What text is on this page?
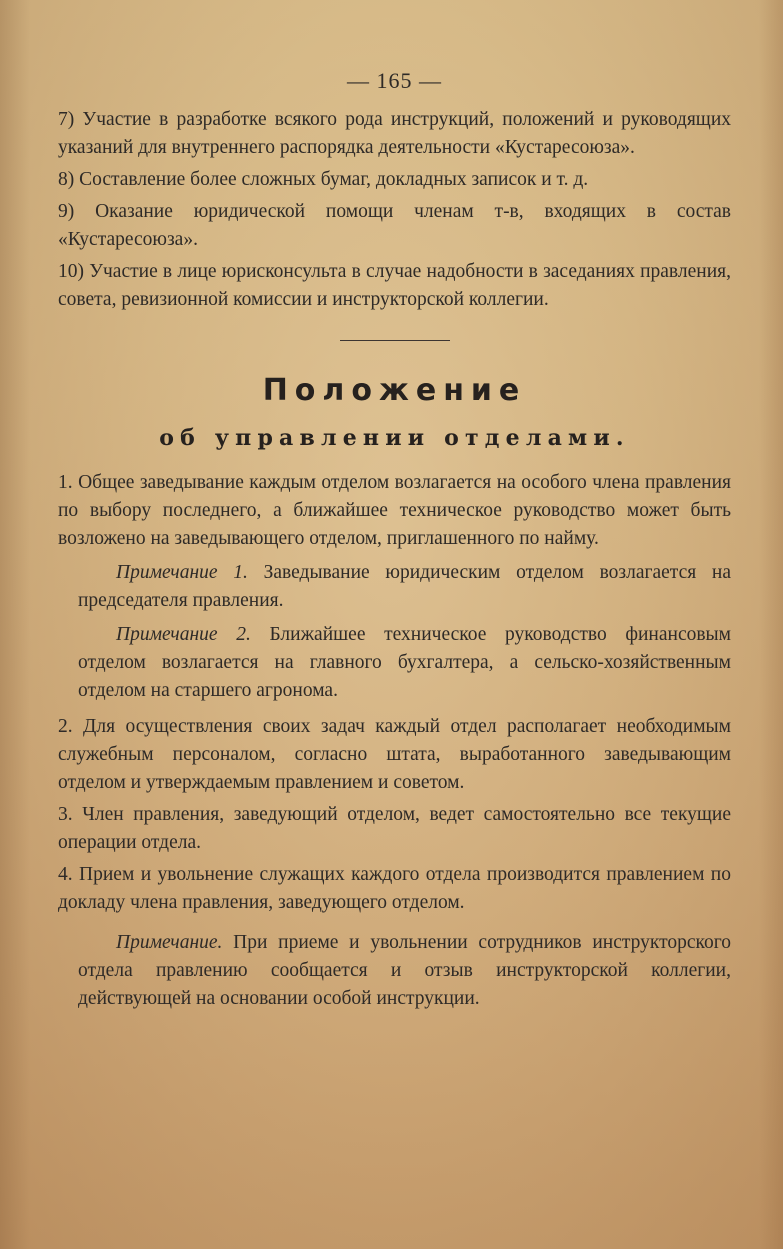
— 165 —

7) Участие в разработке всякого рода инструкций, положений и руководящих указаний для внутреннего распорядка деятельности «Кустаресоюза».

8) Составление более сложных бумаг, докладных записок и т. д.

9) Оказание юридической помощи членам т-в, входящих в состав «Кустаресоюза».

10) Участие в лице юрисконсульта в случае надобности в заседаниях правления, совета, ревизионной комиссии и инструкторской коллегии.

Положение
об управлении отделами.

1. Общее заведывание каждым отделом возлагается на особого члена правления по выбору последнего, а ближайшее техническое руководство может быть возложено на заведывающего отделом, приглашенного по найму.

Примечание 1. Заведывание юридическим отделом возлагается на председателя правления.

Примечание 2. Ближайшее техническое руководство финансовым отделом возлагается на главного бухгалтера, а сельско-хозяйственным отделом на старшего агронома.

2. Для осуществления своих задач каждый отдел располагает необходимым служебным персоналом, согласно штата, выработанного заведывающим отделом и утверждаемым правлением и советом.

3. Член правления, заведующий отделом, ведет самостоятельно все текущие операции отдела.

4. Прием и увольнение служащих каждого отдела производится правлением по докладу члена правления, заведующего отделом.

Примечание. При приеме и увольнении сотрудников инструкторского отдела правлению сообщается и отзыв инструкторской коллегии, действующей на основании особой инструкции.
